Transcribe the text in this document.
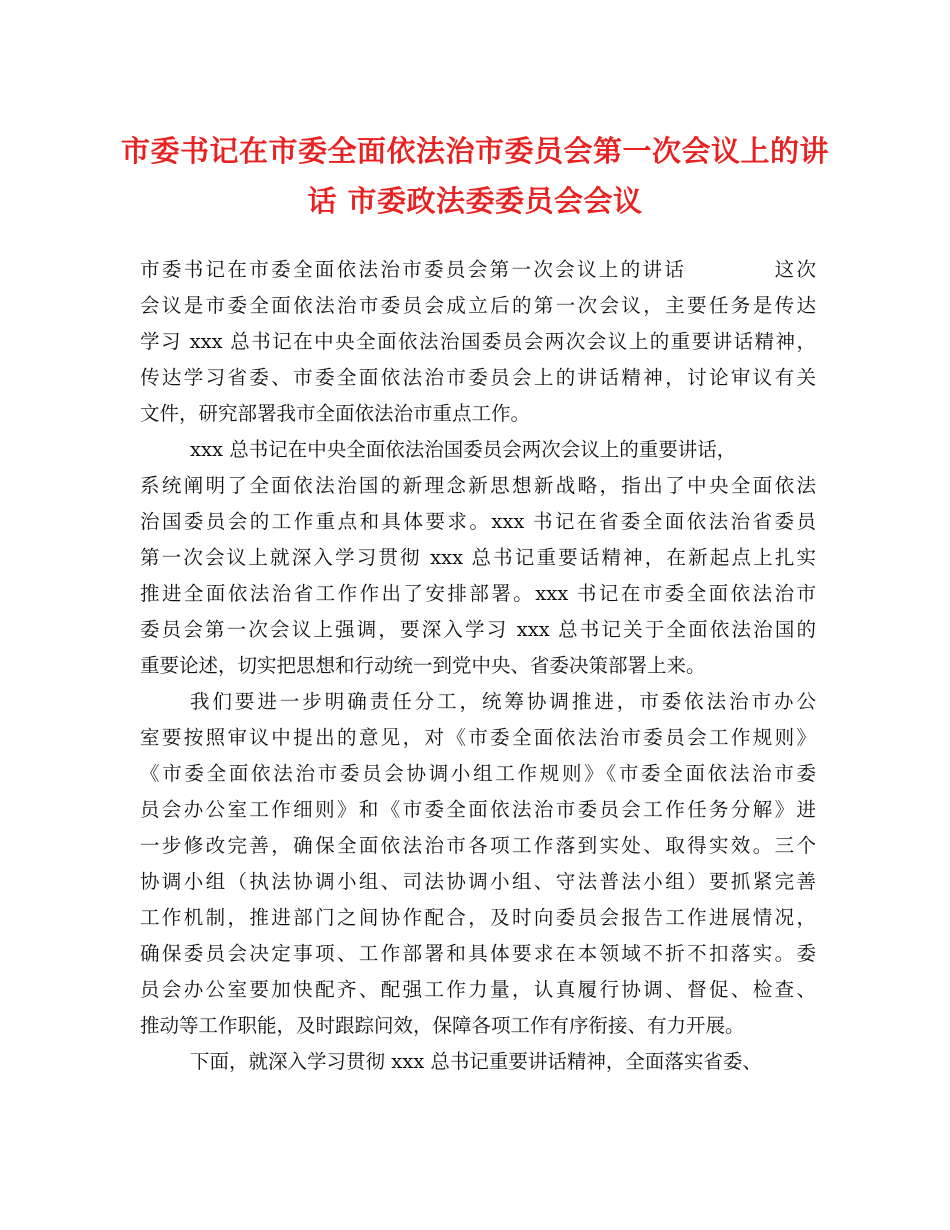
市委书记在市委全面依法治市委员会第一次会议上的讲
话 市委政法委委员会会议
市委书记在市委全面依法治市委员会第一次会议上的讲话	这次
会议是市委全面依法治市委员会成立后的第一次会议，主要任务是传达
学习 xxx 总书记在中央全面依法治国委员会两次会议上的重要讲话精神，
传达学习省委、市委全面依法治市委员会上的讲话精神，讨论审议有关
文件，研究部署我市全面依法治市重点工作。
xxx 总书记在中央全面依法治国委员会两次会议上的重要讲话，
系统阐明了全面依法治国的新理念新思想新战略，指出了中央全面依法
治国委员会的工作重点和具体要求。xxx 书记在省委全面依法治省委员
第一次会议上就深入学习贯彻 xxx 总书记重要话精神，在新起点上扎实
推进全面依法治省工作作出了安排部署。xxx 书记在市委全面依法治市
委员会第一次会议上强调，要深入学习 xxx 总书记关于全面依法治国的
重要论述，切实把思想和行动统一到党中央、省委决策部署上来。
我们要进一步明确责任分工，统筹协调推进，市委依法治市办公
室要按照审议中提出的意见，对《市委全面依法治市委员会工作规则》
《市委全面依法治市委员会协调小组工作规则》《市委全面依法治市委
员会办公室工作细则》和《市委全面依法治市委员会工作任务分解》进
一步修改完善，确保全面依法治市各项工作落到实处、取得实效。三个
协调小组（执法协调小组、司法协调小组、守法普法小组）要抓紧完善
工作机制，推进部门之间协作配合，及时向委员会报告工作进展情况，
确保委员会决定事项、工作部署和具体要求在本领域不折不扣落实。委
员会办公室要加快配齐、配强工作力量，认真履行协调、督促、检查、
推动等工作职能，及时跟踪问效，保障各项工作有序衔接、有力开展。
下面，就深入学习贯彻 xxx 总书记重要讲话精神，全面落实省委、
